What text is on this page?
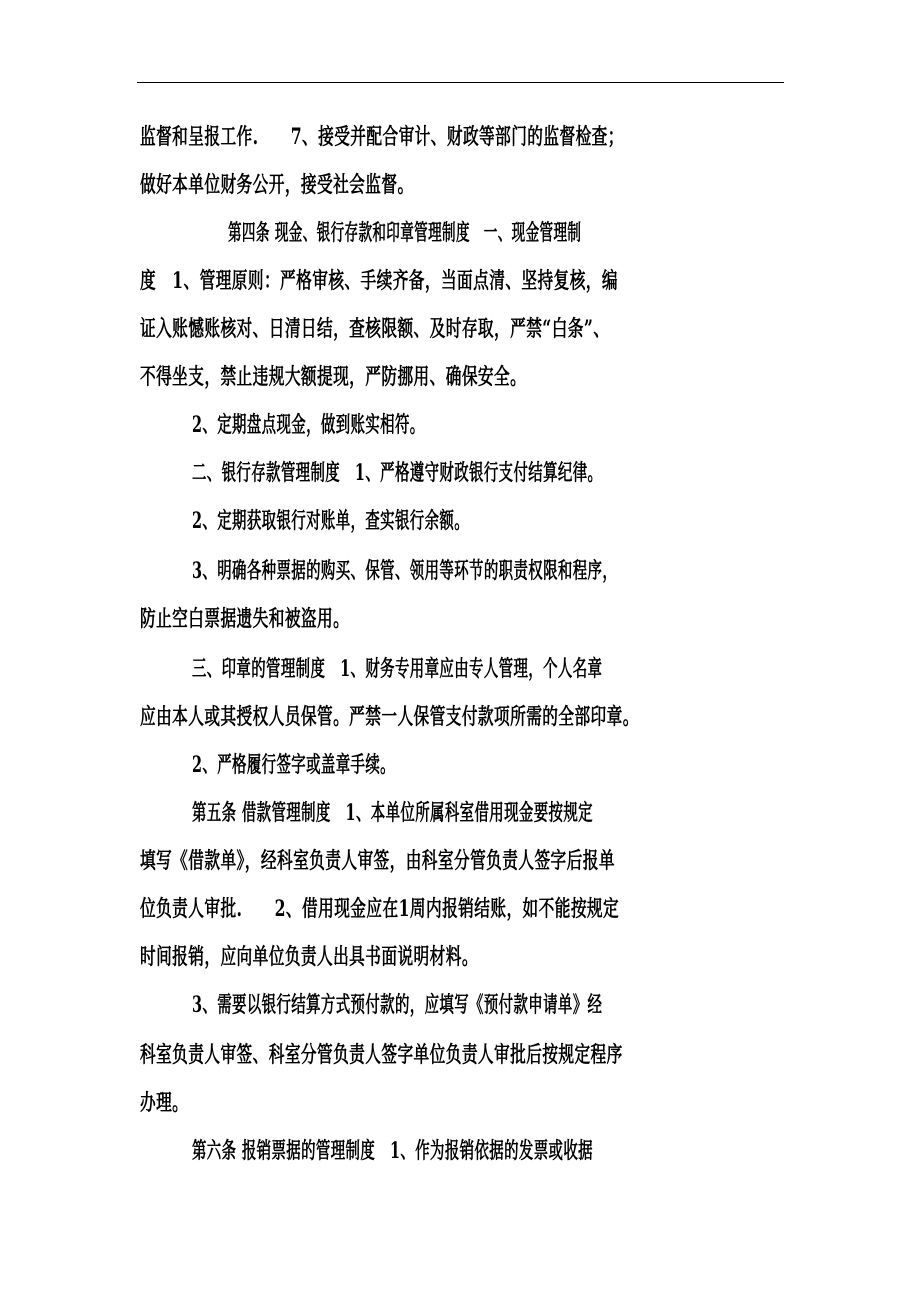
监督和呈报工作.　　7、接受并配合审计、财政等部门的监督检查；
做好本单位财务公开，接受社会监督。
第四条 现金、银行存款和印章管理制度　一、现金管理制
度　1、管理原则：严格审核、手续齐备，当面点清、坚持复核，编
证入账憾账核对、日清日结，查核限额、及时存取，严禁“白条”、
不得坐支，禁止违规大额提现，严防挪用、确保安全。
2、定期盘点现金，做到账实相符。
二、银行存款管理制度　1、严格遵守财政银行支付结算纪律。
2、定期获取银行对账单，查实银行余额。
3、明确各种票据的购买、保管、领用等环节的职责权限和程序，
防止空白票据遗失和被盗用。
三、印章的管理制度　1、财务专用章应由专人管理，个人名章
应由本人或其授权人员保管。严禁一人保管支付款项所需的全部印章。
2、严格履行签字或盖章手续。
第五条 借款管理制度　1、本单位所属科室借用现金要按规定
填写《借款单》，经科室负责人审签，由科室分管负责人签字后报单
位负责人审批.　　2、借用现金应在1周内报销结账，如不能按规定
时间报销，应向单位负责人出具书面说明材料。
3、需要以银行结算方式预付款的，应填写《预付款申请单》经
科室负责人审签、科室分管负责人签字单位负责人审批后按规定程序
办理。
第六条 报销票据的管理制度　1、作为报销依据的发票或收据
